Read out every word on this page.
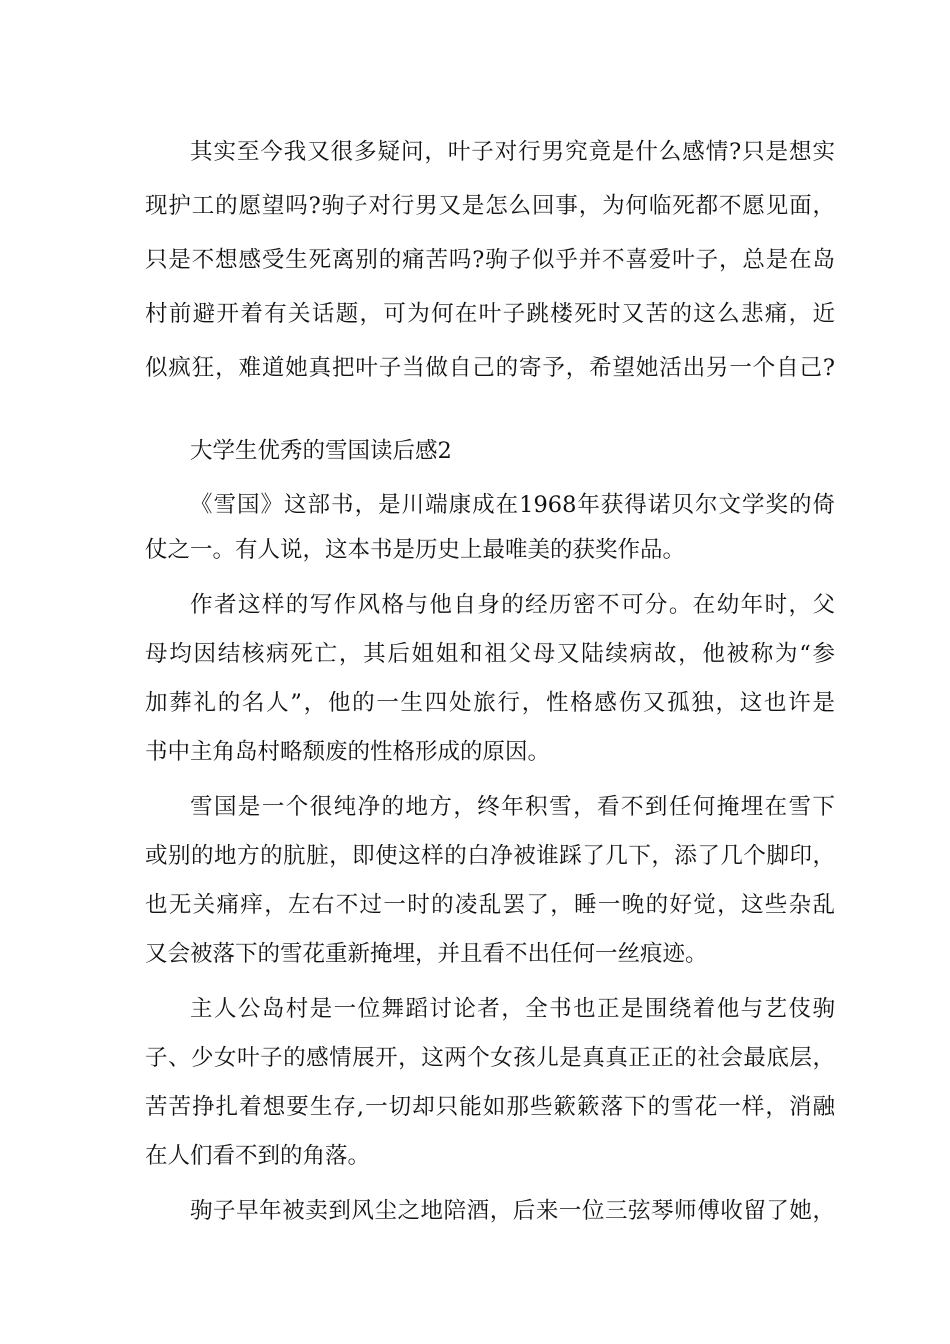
其实至今我又很多疑问，叶子对行男究竟是什么感情?只是想实
现护工的愿望吗?驹子对行男又是怎么回事，为何临死都不愿见面，
只是不想感受生死离别的痛苦吗?驹子似乎并不喜爱叶子，总是在岛
村前避开着有关话题，可为何在叶子跳楼死时又苦的这么悲痛，近
似疯狂，难道她真把叶子当做自己的寄予，希望她活出另一个自己?
大学生优秀的雪国读后感2
《雪国》这部书，是川端康成在1968年获得诺贝尔文学奖的倚
仗之一。有人说，这本书是历史上最唯美的获奖作品。
作者这样的写作风格与他自身的经历密不可分。在幼年时，父
母均因结核病死亡，其后姐姐和祖父母又陆续病故，他被称为“参
加葬礼的名人”，他的一生四处旅行，性格感伤又孤独，这也许是
书中主角岛村略颓废的性格形成的原因。
雪国是一个很纯净的地方，终年积雪，看不到任何掩埋在雪下
或别的地方的肮脏，即使这样的白净被谁踩了几下，添了几个脚印，
也无关痛痒，左右不过一时的凌乱罢了，睡一晚的好觉，这些杂乱
又会被落下的雪花重新掩埋，并且看不出任何一丝痕迹。
主人公岛村是一位舞蹈讨论者，全书也正是围绕着他与艺伎驹
子、少女叶子的感情展开，这两个女孩儿是真真正正的社会最底层，
苦苦挣扎着想要生存,一切却只能如那些簌簌落下的雪花一样，消融
在人们看不到的角落。
驹子早年被卖到风尘之地陪酒，后来一位三弦琴师傅收留了她，
